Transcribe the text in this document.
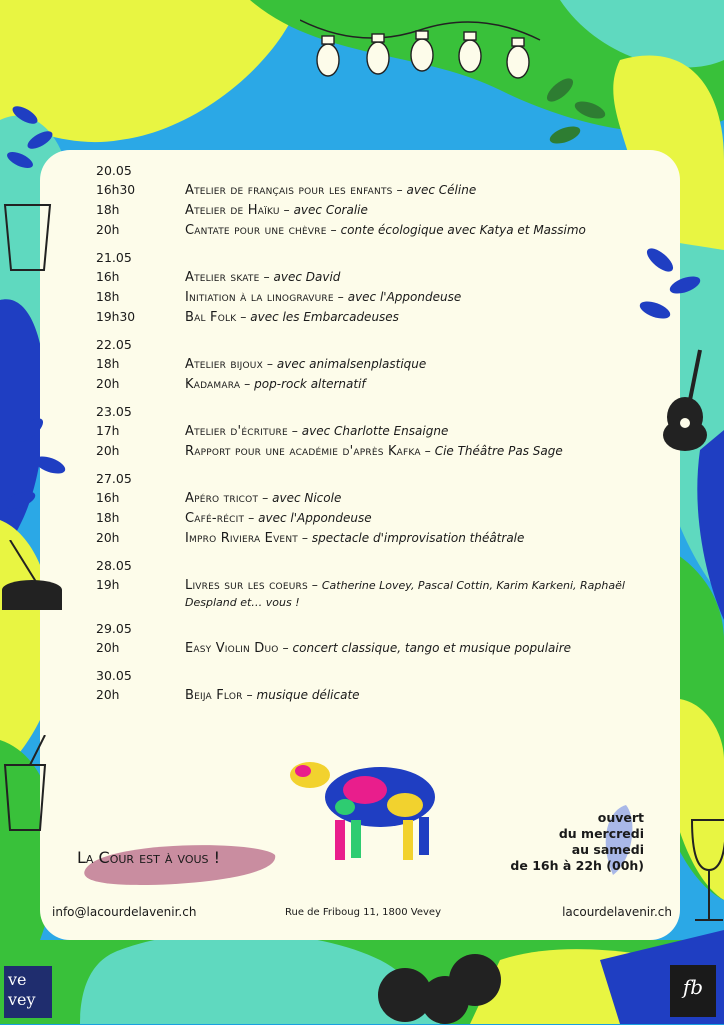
20.05
16h30	Atelier de français pour les enfants – avec Céline
18h	Atelier de Haïku – avec Coralie
20h	Cantate pour une chèvre – conte écologique avec Katya et Massimo
21.05
16h	Atelier skate – avec David
18h	Initiation à la linogravure – avec l'Appondeuse
19h30	Bal Folk – avec les Embarcadeuses
22.05
18h	Atelier bijoux – avec animalsenplastique
20h	Kadamara – pop-rock alternatif
23.05
17h	Atelier d'écriture – avec Charlotte Ensaigne
20h	Rapport pour une académie d'après Kafka – Cie Théâtre Pas Sage
27.05
16h	Apéro tricot – avec Nicole
18h	Café-récit – avec l'Appondeuse
20h	Impro Riviera Event – spectacle d'improvisation théâtrale
28.05
19h	Livres sur les coeurs – Catherine Lovey, Pascal Cottin, Karim Karkeni, Raphaël Despland et… vous !
29.05
20h	Easy Violin Duo – concert classique, tango et musique populaire
30.05
20h	Beija Flor – musique délicate
La Cour est à vous !
ouvert
du mercredi
au samedi
de 16h à 22h (00h)
info@lacourdelavenir.ch	Rue de Friboug 11, 1800 Vevey	lacourdelavenir.ch
ve vey
fb
